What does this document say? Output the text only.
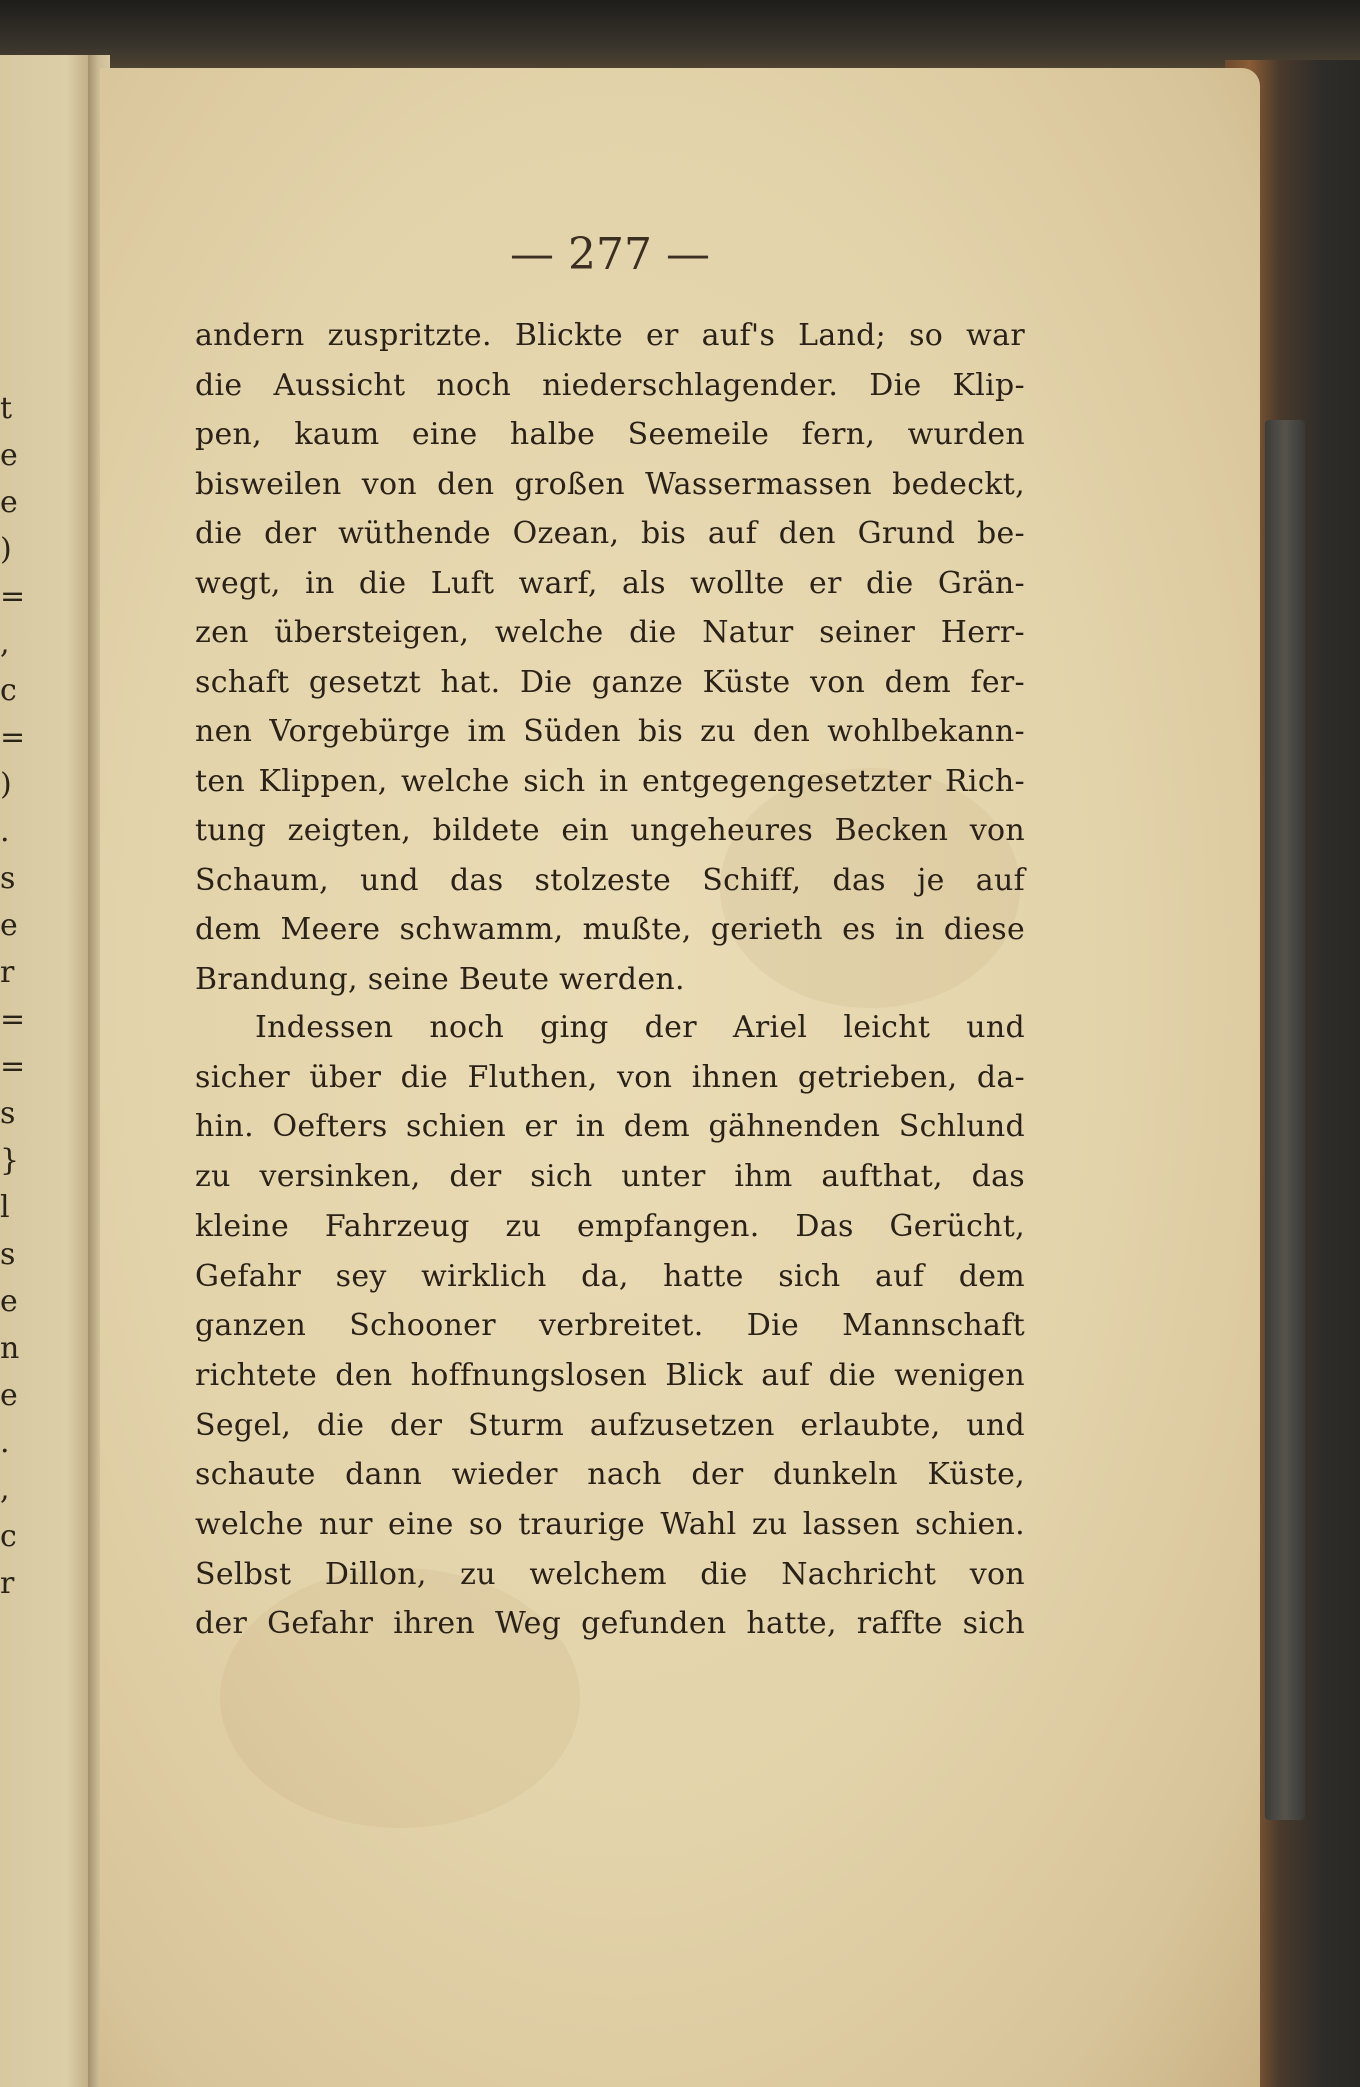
t
e
e
)
=
,
c
=
)
.
s
e
r
=
=
s
}
l
s
e
n
e
.
,
c
r
— 277 —
andern zuspritzte. Blickte er auf's Land; so war
die Aussicht noch niederschlagender. Die Klip-
pen, kaum eine halbe Seemeile fern, wurden
bisweilen von den großen Wassermassen bedeckt,
die der wüthende Ozean, bis auf den Grund be-
wegt, in die Luft warf, als wollte er die Grän-
zen übersteigen, welche die Natur seiner Herr-
schaft gesetzt hat. Die ganze Küste von dem fer-
nen Vorgebürge im Süden bis zu den wohlbekann-
ten Klippen, welche sich in entgegengesetzter Rich-
tung zeigten, bildete ein ungeheures Becken von
Schaum, und das stolzeste Schiff, das je auf
dem Meere schwamm, mußte, gerieth es in diese
Brandung, seine Beute werden.
Indessen noch ging der Ariel leicht und
sicher über die Fluthen, von ihnen getrieben, da-
hin. Oefters schien er in dem gähnenden Schlund
zu versinken, der sich unter ihm aufthat, das
kleine Fahrzeug zu empfangen. Das Gerücht,
Gefahr sey wirklich da, hatte sich auf dem
ganzen Schooner verbreitet. Die Mannschaft
richtete den hoffnungslosen Blick auf die wenigen
Segel, die der Sturm aufzusetzen erlaubte, und
schaute dann wieder nach der dunkeln Küste,
welche nur eine so traurige Wahl zu lassen schien.
Selbst Dillon, zu welchem die Nachricht von
der Gefahr ihren Weg gefunden hatte, raffte sich
